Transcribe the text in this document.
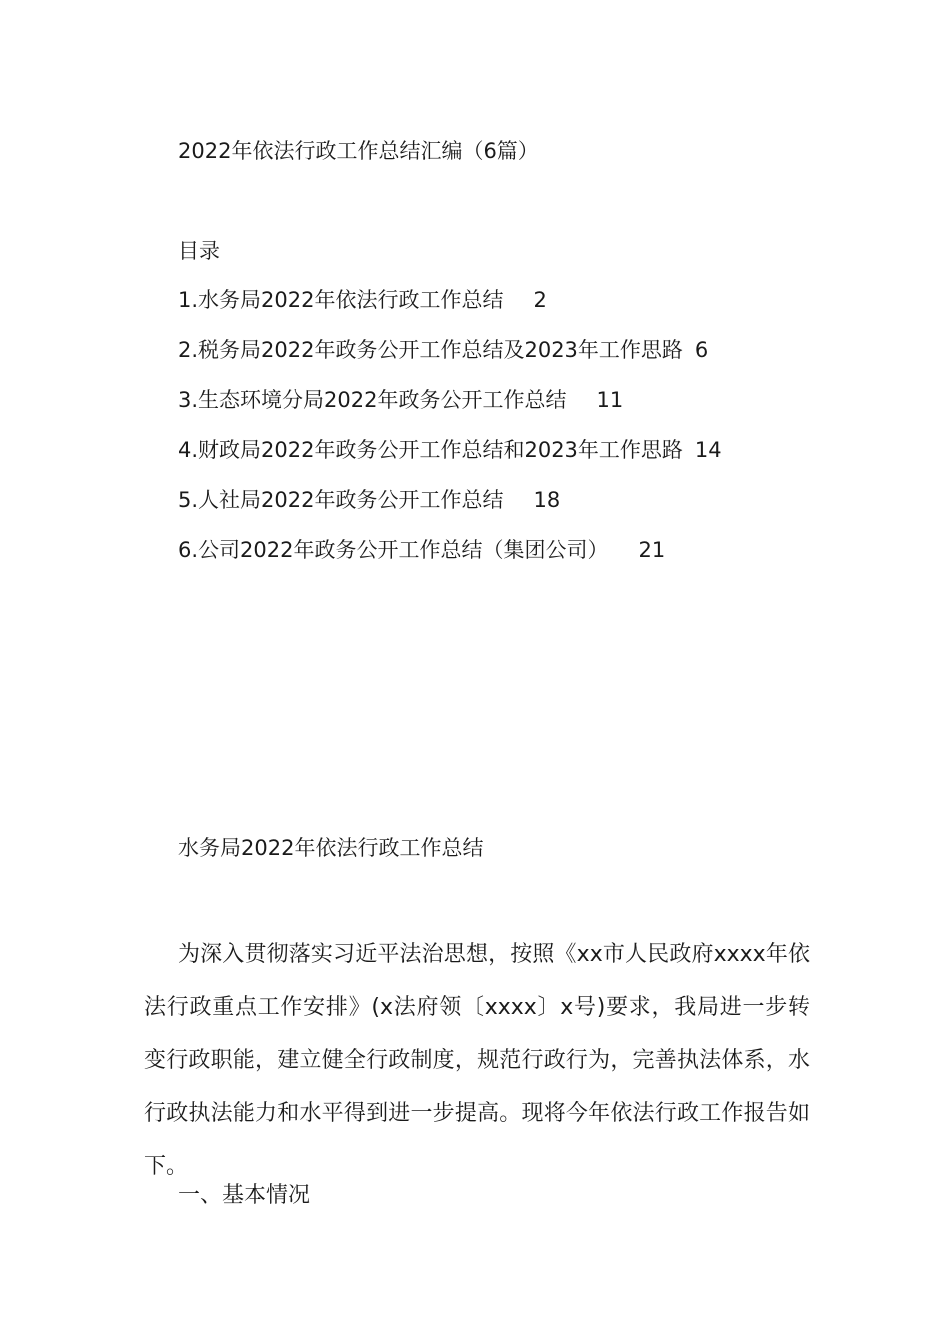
2022年依法行政工作总结汇编（6篇）
目录
1.水务局2022年依法行政工作总结 2
2.税务局2022年政务公开工作总结及2023年工作思路 6
3.生态环境分局2022年政务公开工作总结 11
4.财政局2022年政务公开工作总结和2023年工作思路 14
5.人社局2022年政务公开工作总结 18
6.公司2022年政务公开工作总结（集团公司） 21
水务局2022年依法行政工作总结

为深入贯彻落实习近平法治思想，按照《xx市人民政府xxxx年依法行政重点工作安排》(x法府领〔xxxx〕x号)要求，我局进一步转变行政职能，建立健全行政制度，规范行政行为，完善执法体系，水行政执法能力和水平得到进一步提高。现将今年依法行政工作报告如下。

一、基本情况
